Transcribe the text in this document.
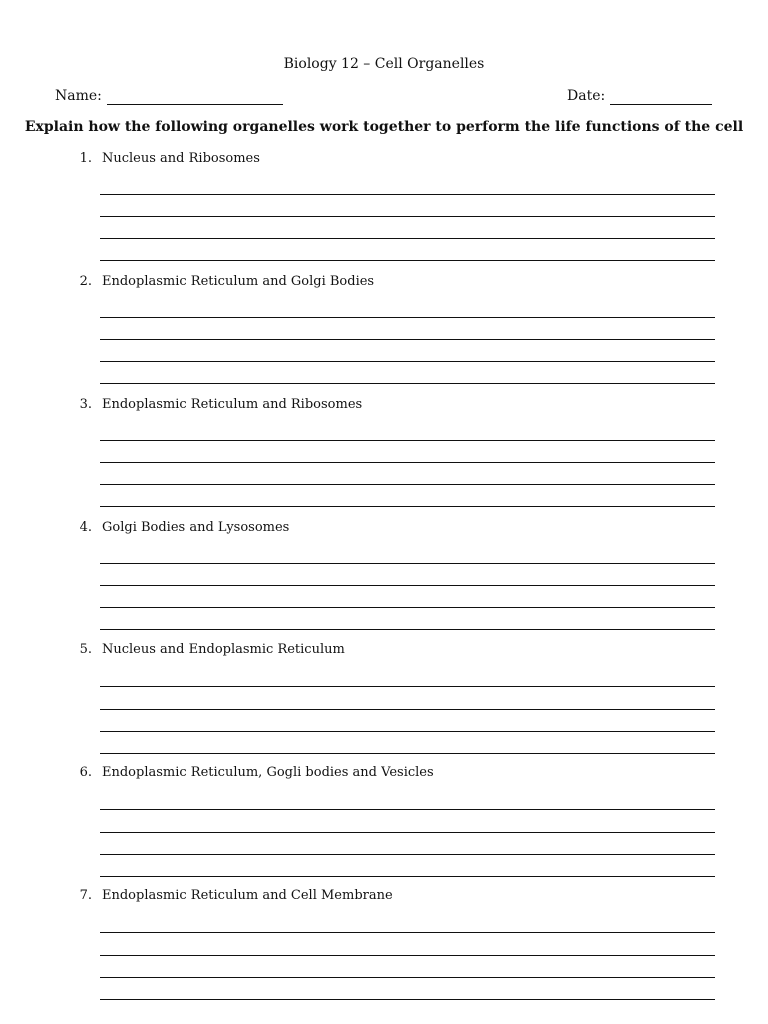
Biology 12 – Cell Organelles
Name:	Date:
Explain how the following organelles work together to perform the life functions of the cell
1. Nucleus and Ribosomes
2. Endoplasmic Reticulum and Golgi Bodies
3. Endoplasmic Reticulum and Ribosomes
4. Golgi Bodies and Lysosomes
5. Nucleus and Endoplasmic Reticulum
6. Endoplasmic Reticulum, Gogli bodies and Vesicles
7. Endoplasmic Reticulum and Cell Membrane
